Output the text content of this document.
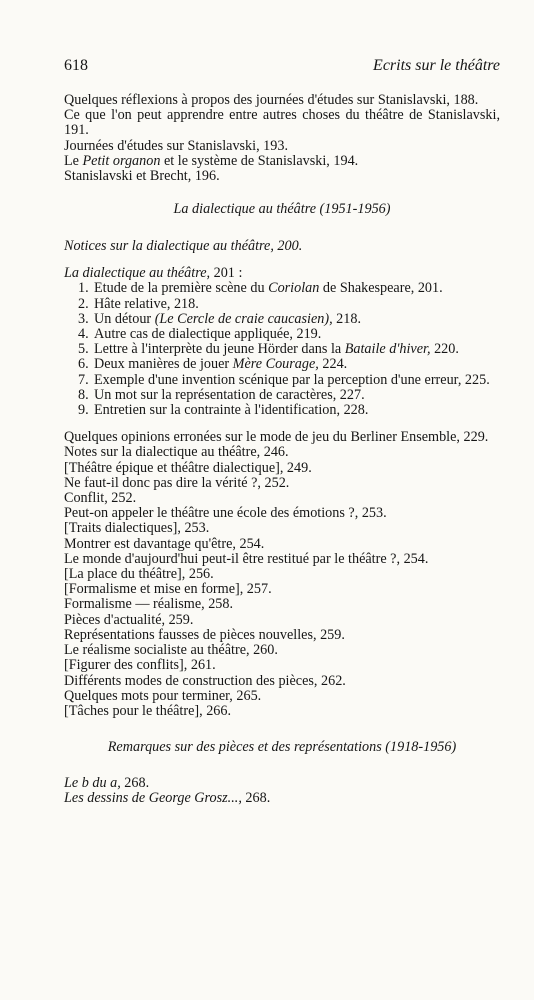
618	Ecrits sur le théâtre
Quelques réflexions à propos des journées d'études sur Stanislavski, 188.
Ce que l'on peut apprendre entre autres choses du théâtre de Stanislavski, 191.
Journées d'études sur Stanislavski, 193.
Le Petit organon et le système de Stanislavski, 194.
Stanislavski et Brecht, 196.
La dialectique au théâtre (1951-1956)
Notices sur la dialectique au théâtre, 200.
La dialectique au théâtre, 201 :
1. Etude de la première scène du Coriolan de Shakespeare, 201.
2. Hâte relative, 218.
3. Un détour (Le Cercle de craie caucasien), 218.
4. Autre cas de dialectique appliquée, 219.
5. Lettre à l'interprète du jeune Hörder dans la Bataile d'hiver, 220.
6. Deux manières de jouer Mère Courage, 224.
7. Exemple d'une invention scénique par la perception d'une erreur, 225.
8. Un mot sur la représentation de caractères, 227.
9. Entretien sur la contrainte à l'identification, 228.
Quelques opinions erronées sur le mode de jeu du Berliner Ensemble, 229.
Notes sur la dialectique au théâtre, 246.
[Théâtre épique et théâtre dialectique], 249.
Ne faut-il donc pas dire la vérité ?, 252.
Conflit, 252.
Peut-on appeler le théâtre une école des émotions ?, 253.
[Traits dialectiques], 253.
Montrer est davantage qu'être, 254.
Le monde d'aujourd'hui peut-il être restitué par le théâtre ?, 254.
[La place du théâtre], 256.
[Formalisme et mise en forme], 257.
Formalisme — réalisme, 258.
Pièces d'actualité, 259.
Représentations fausses de pièces nouvelles, 259.
Le réalisme socialiste au théâtre, 260.
[Figurer des conflits], 261.
Différents modes de construction des pièces, 262.
Quelques mots pour terminer, 265.
[Tâches pour le théâtre], 266.
Remarques sur des pièces et des représentations (1918-1956)
Le b du a, 268.
Les dessins de George Grosz..., 268.
